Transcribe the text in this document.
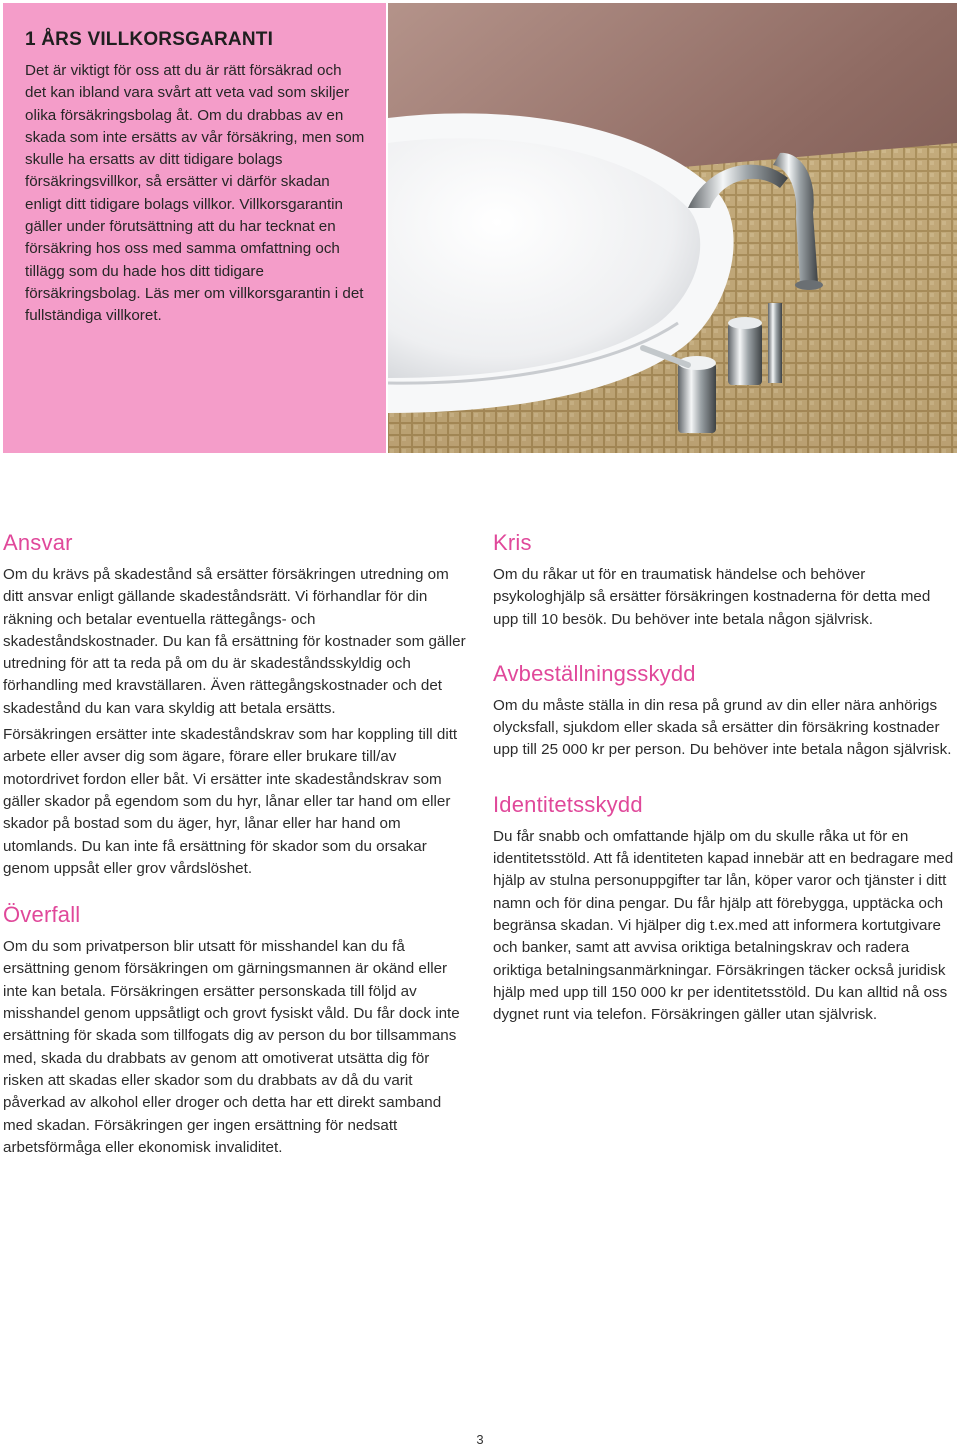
1 ÅRS VILLKORSGARANTI

Det är viktigt för oss att du är rätt försäkrad och det kan ibland vara svårt att veta vad som skiljer olika försäkringsbolag åt. Om du drabbas av en skada som inte ersätts av vår försäkring, men som skulle ha ersatts av ditt tidigare bolags försäkringsvillkor, så ersätter vi därför skadan enligt ditt tidigare bolags villkor. Villkorsgarantin gäller under förutsättning att du har tecknat en försäkring hos oss med samma omfattning och tillägg som du hade hos ditt tidigare försäkringsbolag. Läs mer om villkorsgarantin i det fullständiga villkoret.

Ansvar

Om du krävs på skadestånd så ersätter försäkringen utredning om ditt ansvar enligt gällande skadeståndsrätt. Vi förhandlar för din räkning och betalar eventuella rättegångs- och skadeståndskostnader. Du kan få ersättning för kostnader som gäller utredning för att ta reda på om du är skadeståndsskyldig och förhandling med kravställaren. Även rättegångskostnader och det skadestånd du kan vara skyldig att betala ersätts.

Försäkringen ersätter inte skadeståndskrav som har koppling till ditt arbete eller avser dig som ägare, förare eller brukare till/av motordrivet fordon eller båt. Vi ersätter inte skadeståndskrav som gäller skador på egendom som du hyr, lånar eller tar hand om eller skador på bostad som du äger, hyr, lånar eller har hand om utomlands. Du kan inte få ersättning för skador som du orsakar genom uppsåt eller grov vårdslöshet.

Överfall

Om du som privatperson blir utsatt för misshandel kan du få ersättning genom försäkringen om gärningsmannen är okänd eller inte kan betala. Försäkringen ersätter personskada till följd av misshandel genom uppsåtligt och grovt fysiskt våld. Du får dock inte ersättning för skada som tillfogats dig av person du bor tillsammans med, skada du drabbats av genom att omotiverat utsätta dig för risken att skadas eller skador som du drabbats av då du varit påverkad av alkohol eller droger och detta har ett direkt samband med skadan. Försäkringen ger ingen ersättning för nedsatt arbetsförmåga eller ekonomisk invaliditet.

Kris

Om du råkar ut för en traumatisk händelse och behöver psykologhjälp så ersätter försäkringen kostnaderna för detta med upp till 10 besök. Du behöver inte betala någon självrisk.

Avbeställningsskydd

Om du måste ställa in din resa på grund av din eller nära anhörigs olycksfall, sjukdom eller skada så ersätter din försäkring kostnader upp till 25 000 kr per person. Du behöver inte betala någon självrisk.

Identitetsskydd

Du får snabb och omfattande hjälp om du skulle råka ut för en identitetsstöld. Att få identiteten kapad innebär att en bedragare med hjälp av stulna personuppgifter tar lån, köper varor och tjänster i ditt namn och för dina pengar. Du får hjälp att förebygga, upptäcka och begränsa skadan. Vi hjälper dig t.ex.med att informera kortutgivare och banker, samt att avvisa oriktiga betalningskrav och radera oriktiga betalningsanmärkningar. Försäkringen täcker också juridisk hjälp med upp till 150 000 kr per identitetsstöld. Du kan alltid nå oss dygnet runt via telefon. Försäkringen gäller utan självrisk.

3
